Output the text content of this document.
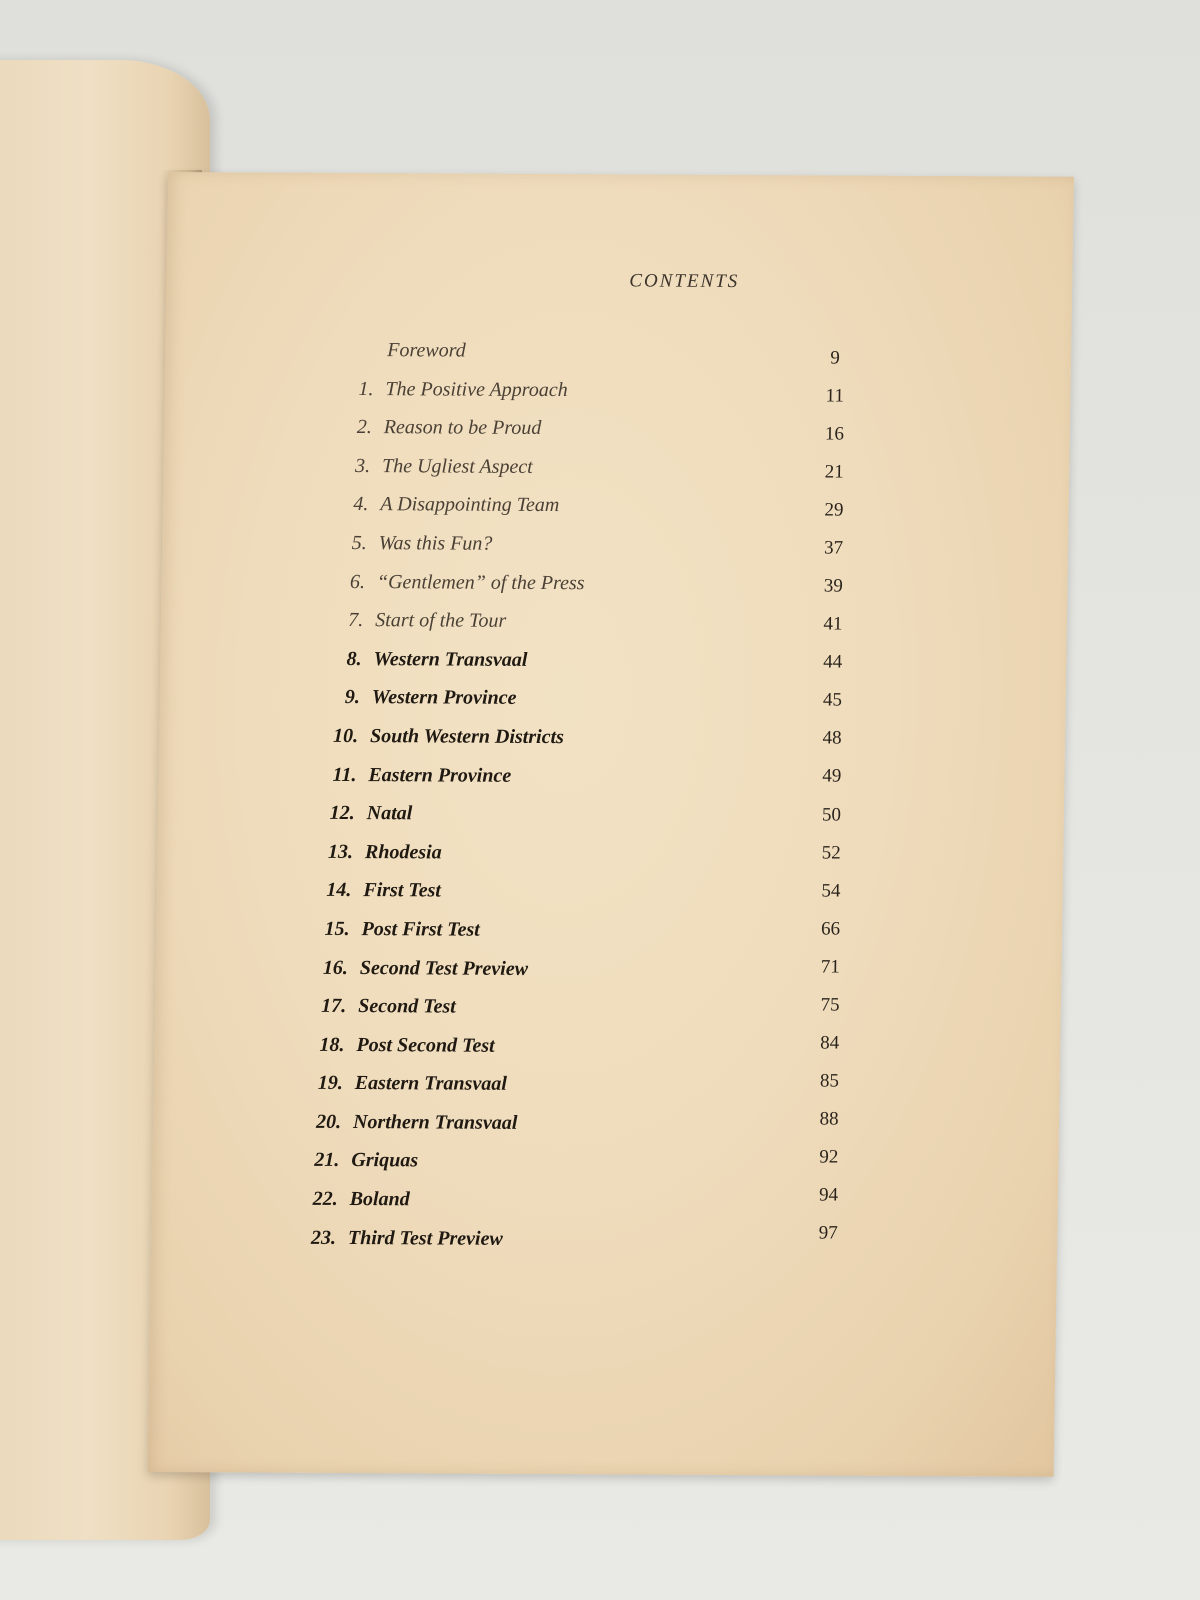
CONTENTS
Foreword	9
1. The Positive Approach	11
2. Reason to be Proud	16
3. The Ugliest Aspect	21
4. A Disappointing Team	29
5. Was this Fun?	37
6. “Gentlemen” of the Press	39
7. Start of the Tour	41
8. Western Transvaal	44
9. Western Province	45
10. South Western Districts	48
11. Eastern Province	49
12. Natal	50
13. Rhodesia	52
14. First Test	54
15. Post First Test	66
16. Second Test Preview	71
17. Second Test	75
18. Post Second Test	84
19. Eastern Transvaal	85
20. Northern Transvaal	88
21. Griquas	92
22. Boland	94
23. Third Test Preview	97
